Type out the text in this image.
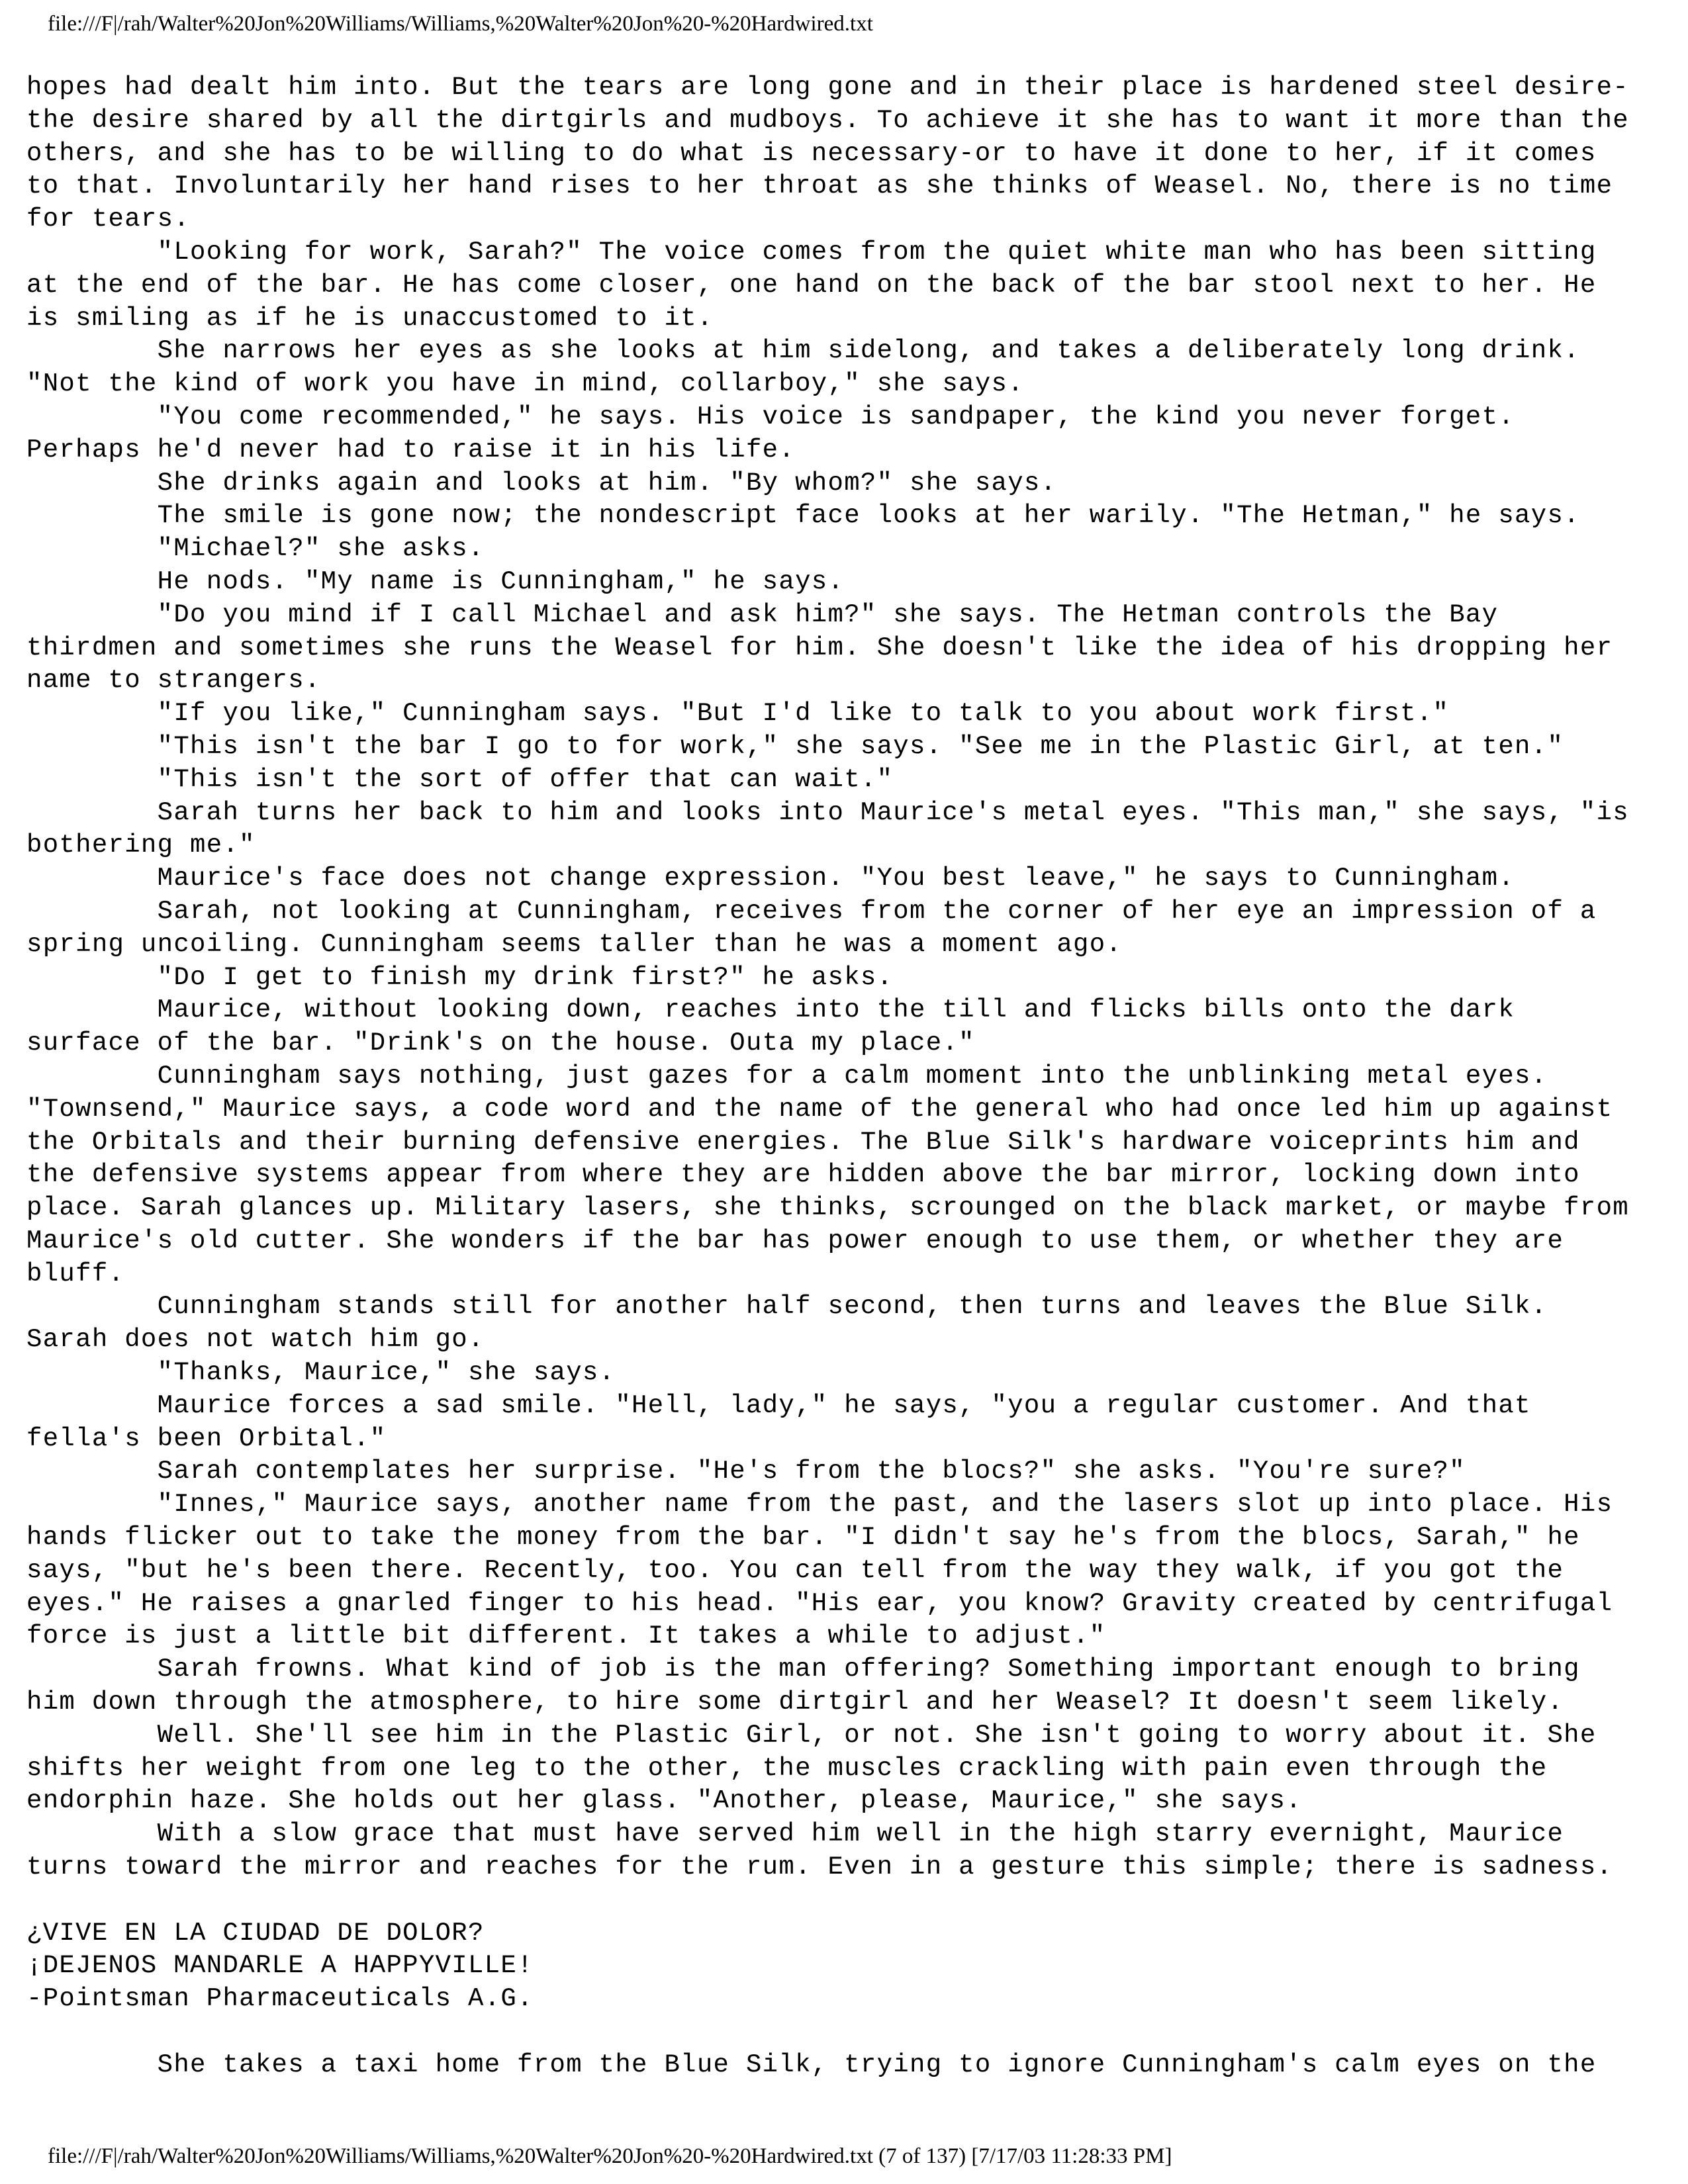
file:///F|/rah/Walter%20Jon%20Williams/Williams,%20Walter%20Jon%20-%20Hardwired.txt
hopes had dealt him into. But the tears are long gone and in their place is hardened steel desire-
the desire shared by all the dirtgirls and mudboys. To achieve it she has to want it more than the
others, and she has to be willing to do what is necessary-or to have it done to her, if it comes
to that. Involuntarily her hand rises to her throat as she thinks of Weasel. No, there is no time
for tears.
"Looking for work, Sarah?" The voice comes from the quiet white man who has been sitting
at the end of the bar. He has come closer, one hand on the back of the bar stool next to her. He
is smiling as if he is unaccustomed to it.
She narrows her eyes as she looks at him sidelong, and takes a deliberately long drink.
"Not the kind of work you have in mind, collarboy," she says.
"You come recommended," he says. His voice is sandpaper, the kind you never forget.
Perhaps he'd never had to raise it in his life.
She drinks again and looks at him. "By whom?" she says.
The smile is gone now; the nondescript face looks at her warily. "The Hetman," he says.
"Michael?" she asks.
He nods. "My name is Cunningham," he says.
"Do you mind if I call Michael and ask him?" she says. The Hetman controls the Bay
thirdmen and sometimes she runs the Weasel for him. She doesn't like the idea of his dropping her
name to strangers.
"If you like," Cunningham says. "But I'd like to talk to you about work first."
"This isn't the bar I go to for work," she says. "See me in the Plastic Girl, at ten."
"This isn't the sort of offer that can wait."
Sarah turns her back to him and looks into Maurice's metal eyes. "This man," she says, "is
bothering me."
Maurice's face does not change expression. "You best leave," he says to Cunningham.
Sarah, not looking at Cunningham, receives from the corner of her eye an impression of a
spring uncoiling. Cunningham seems taller than he was a moment ago.
"Do I get to finish my drink first?" he asks.
Maurice, without looking down, reaches into the till and flicks bills onto the dark
surface of the bar. "Drink's on the house. Outa my place."
Cunningham says nothing, just gazes for a calm moment into the unblinking metal eyes.
"Townsend," Maurice says, a code word and the name of the general who had once led him up against
the Orbitals and their burning defensive energies. The Blue Silk's hardware voiceprints him and
the defensive systems appear from where they are hidden above the bar mirror, locking down into
place. Sarah glances up. Military lasers, she thinks, scrounged on the black market, or maybe from
Maurice's old cutter. She wonders if the bar has power enough to use them, or whether they are
bluff.
Cunningham stands still for another half second, then turns and leaves the Blue Silk.
Sarah does not watch him go.
"Thanks, Maurice," she says.
Maurice forces a sad smile. "Hell, lady," he says, "you a regular customer. And that
fella's been Orbital."
Sarah contemplates her surprise. "He's from the blocs?" she asks. "You're sure?"
"Innes," Maurice says, another name from the past, and the lasers slot up into place. His
hands flicker out to take the money from the bar. "I didn't say he's from the blocs, Sarah," he
says, "but he's been there. Recently, too. You can tell from the way they walk, if you got the
eyes." He raises a gnarled finger to his head. "His ear, you know? Gravity created by centrifugal
force is just a little bit different. It takes a while to adjust."
Sarah frowns. What kind of job is the man offering? Something important enough to bring
him down through the atmosphere, to hire some dirtgirl and her Weasel? It doesn't seem likely.
Well. She'll see him in the Plastic Girl, or not. She isn't going to worry about it. She
shifts her weight from one leg to the other, the muscles crackling with pain even through the
endorphin haze. She holds out her glass. "Another, please, Maurice," she says.
With a slow grace that must have served him well in the high starry evernight, Maurice
turns toward the mirror and reaches for the rum. Even in a gesture this simple; there is sadness.
¿VIVE EN LA CIUDAD DE DOLOR?
¡DEJENOS MANDARLE A HAPPYVILLE!
-Pointsman Pharmaceuticals A.G.
She takes a taxi home from the Blue Silk, trying to ignore Cunningham's calm eyes on the
file:///F|/rah/Walter%20Jon%20Williams/Williams,%20Walter%20Jon%20-%20Hardwired.txt (7 of 137) [7/17/03 11:28:33 PM]
